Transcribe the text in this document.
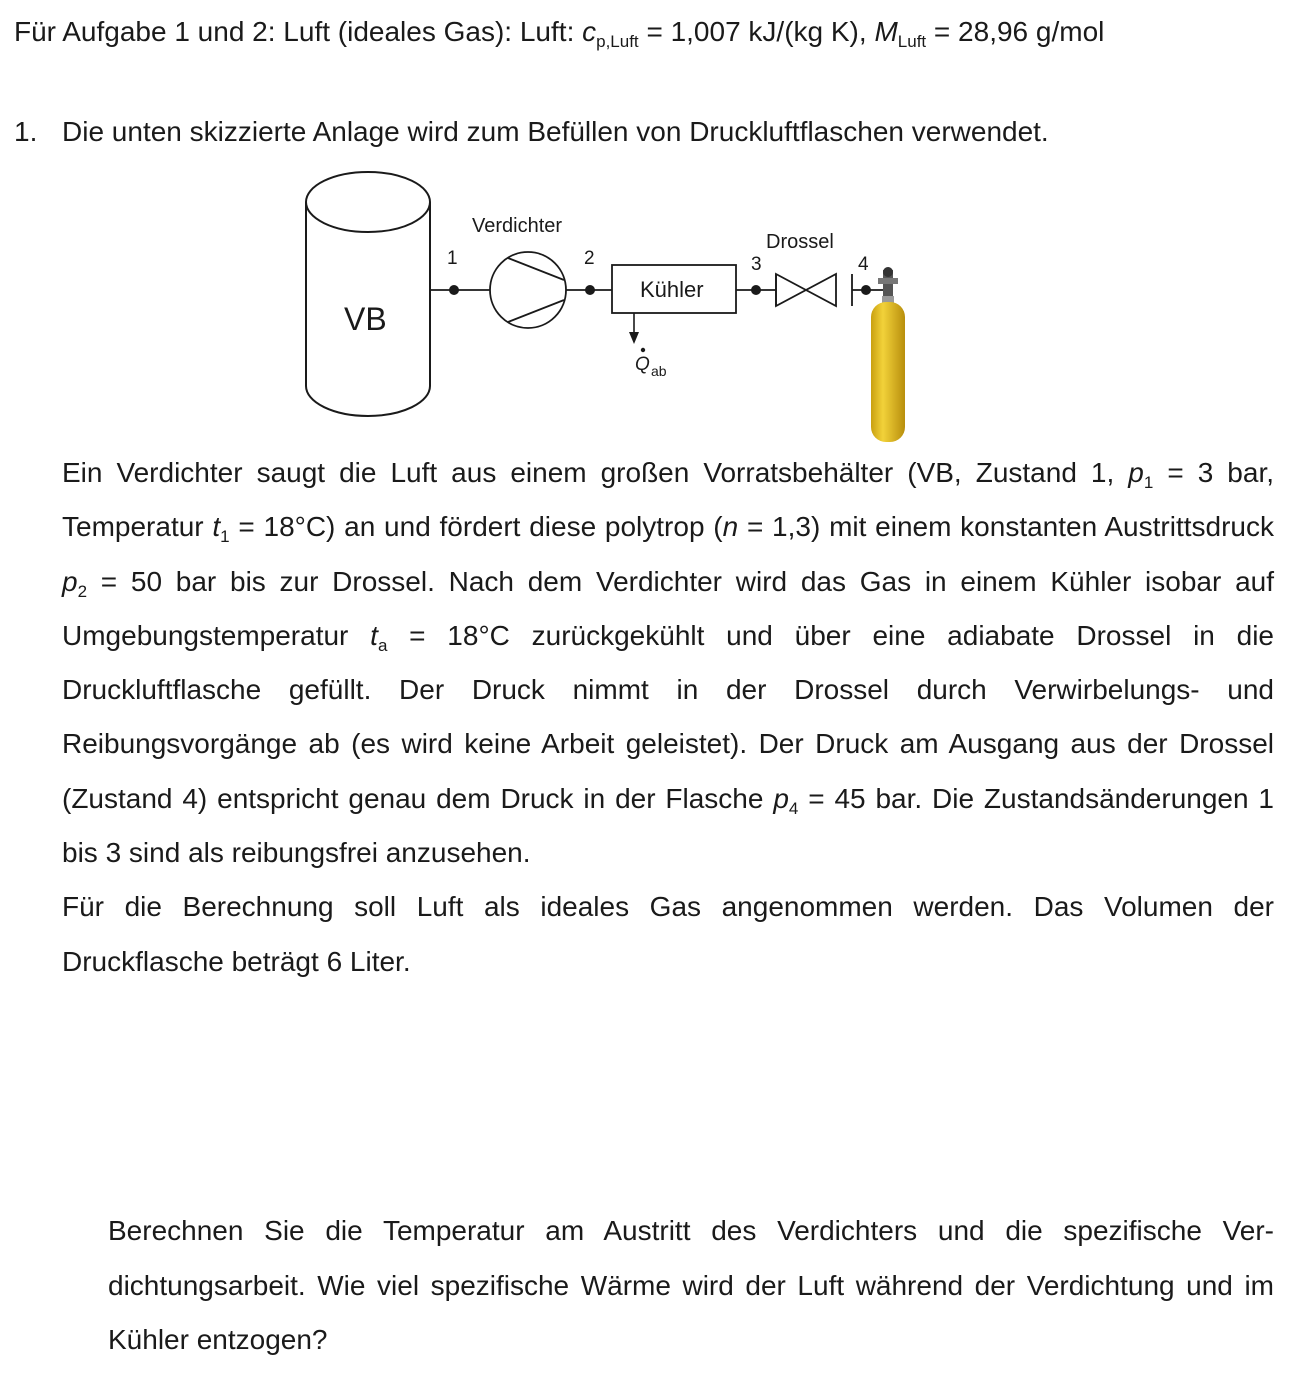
Für Aufgabe 1 und 2: Luft (ideales Gas): Luft: $c_{p,Luft} = 1,007$ kJ/(kg K), $M_{Luft} = 28,96$ g/mol
1. Die unten skizzierte Anlage wird zum Befüllen von Druckluftflaschen verwendet.
VB
1	2	3	4
Verdichter
Kühler
Q ab
Drossel

Ein Verdichter saugt die Luft aus einem großen Vorratsbehälter (VB, Zustand 1, $p_1 = 3$ bar, Temperatur $t_1 = 18^\circ C$) an und fördert diese polytrop (n = 1,3) mit einem konstanten Austrittsdruck $p_2 = 50$ bar bis zur Drossel. Nach dem Verdichter wird das Gas in einem Kühler isobar auf Umgebungstemperatur $t_a = 18^\circ C$ zurückgekühlt und über eine adiabate Drossel in die Druckluftflasche gefüllt. Der Druck nimmt in der Drossel durch Verwirbelungs- und Reibungsvorgänge ab (es wird keine Arbeit geleistet). Der Druck am Ausgang aus der Drossel (Zustand 4) entspricht genau dem Druck in der Flasche $p_4 = 45$ bar. Die Zustandsänderungen 1 bis 3 sind als reibungsfrei anzusehen.

Für die Berechnung soll Luft als ideales Gas angenommen werden. Das Volumen der Druckflasche beträgt 6 Liter.

Berechnen Sie die Temperatur am Austritt des Verdichters und die spezifische Verdichtungsarbeit. Wie viel spezifische Wärme wird der Luft während der Verdichtung und im Kühler entzogen?
